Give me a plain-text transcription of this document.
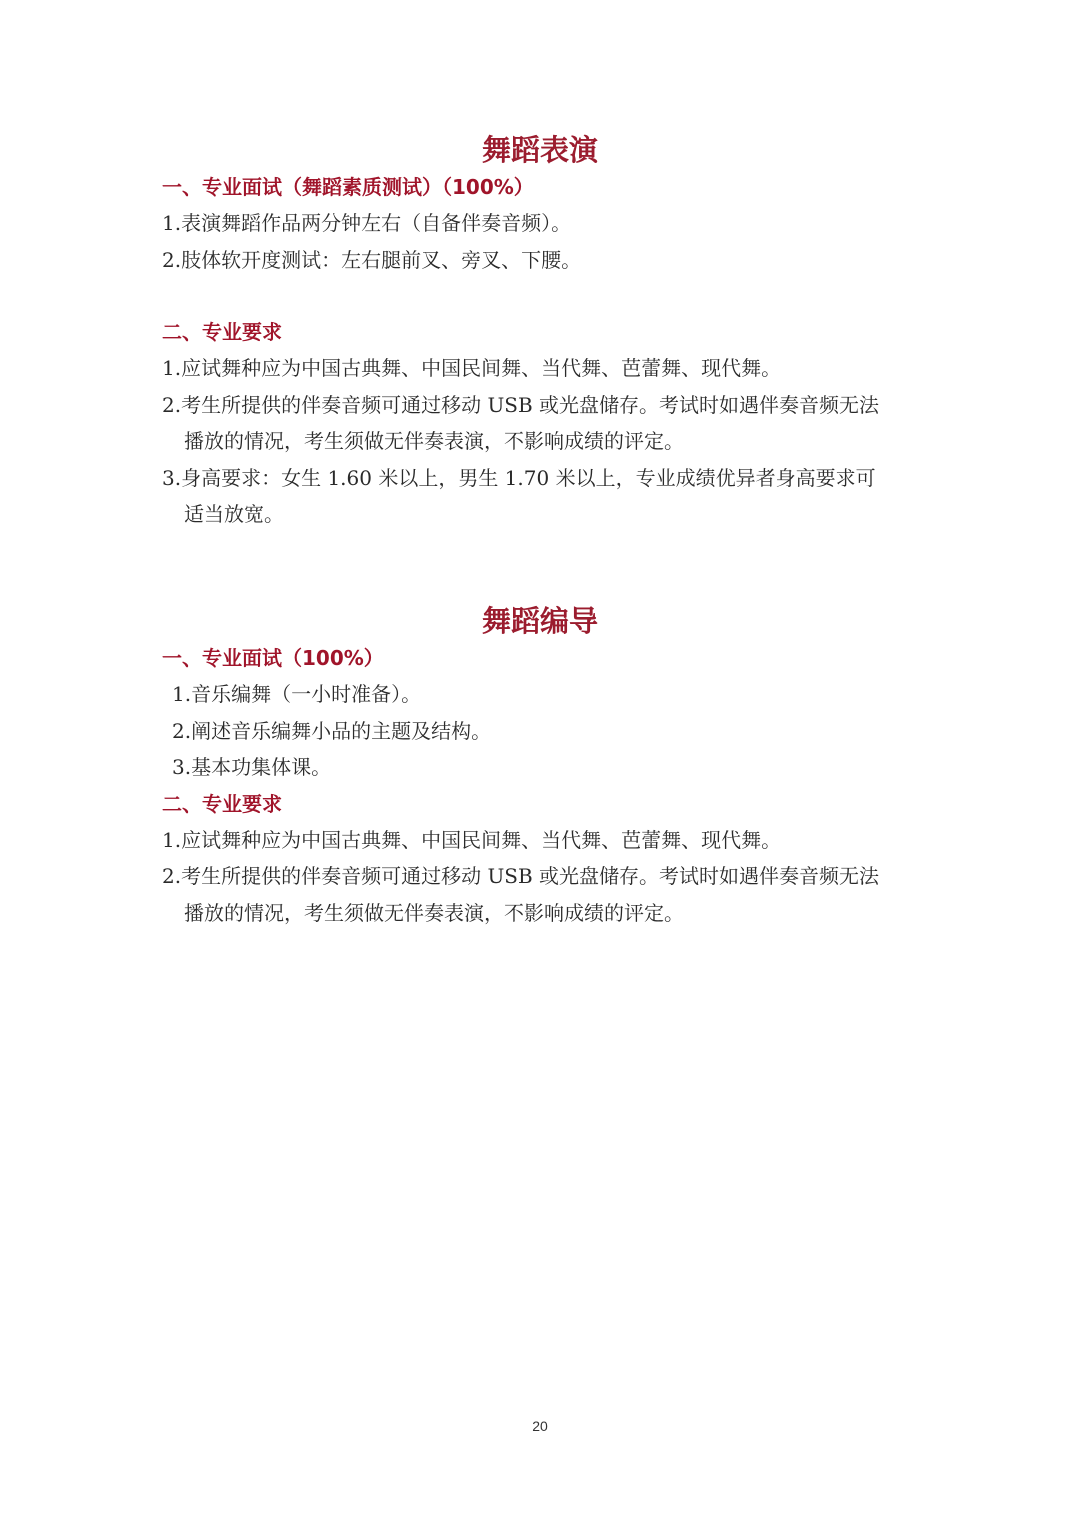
舞蹈表演

一、专业面试（舞蹈素质测试）（100%）

1.表演舞蹈作品两分钟左右（自备伴奏音频）。

2.肢体软开度测试：左右腿前叉、旁叉、下腰。

二、专业要求

1.应试舞种应为中国古典舞、中国民间舞、当代舞、芭蕾舞、现代舞。

2.考生所提供的伴奏音频可通过移动 USB 或光盘储存。考试时如遇伴奏音频无法

播放的情况，考生须做无伴奏表演，不影响成绩的评定。

3.身高要求：女生 1.60 米以上，男生 1.70 米以上，专业成绩优异者身高要求可

适当放宽。

舞蹈编导

一、专业面试（100%）

1.音乐编舞（一小时准备）。

2.阐述音乐编舞小品的主题及结构。

3.基本功集体课。

二、专业要求

1.应试舞种应为中国古典舞、中国民间舞、当代舞、芭蕾舞、现代舞。

2.考生所提供的伴奏音频可通过移动 USB 或光盘储存。考试时如遇伴奏音频无法

播放的情况，考生须做无伴奏表演，不影响成绩的评定。

20
